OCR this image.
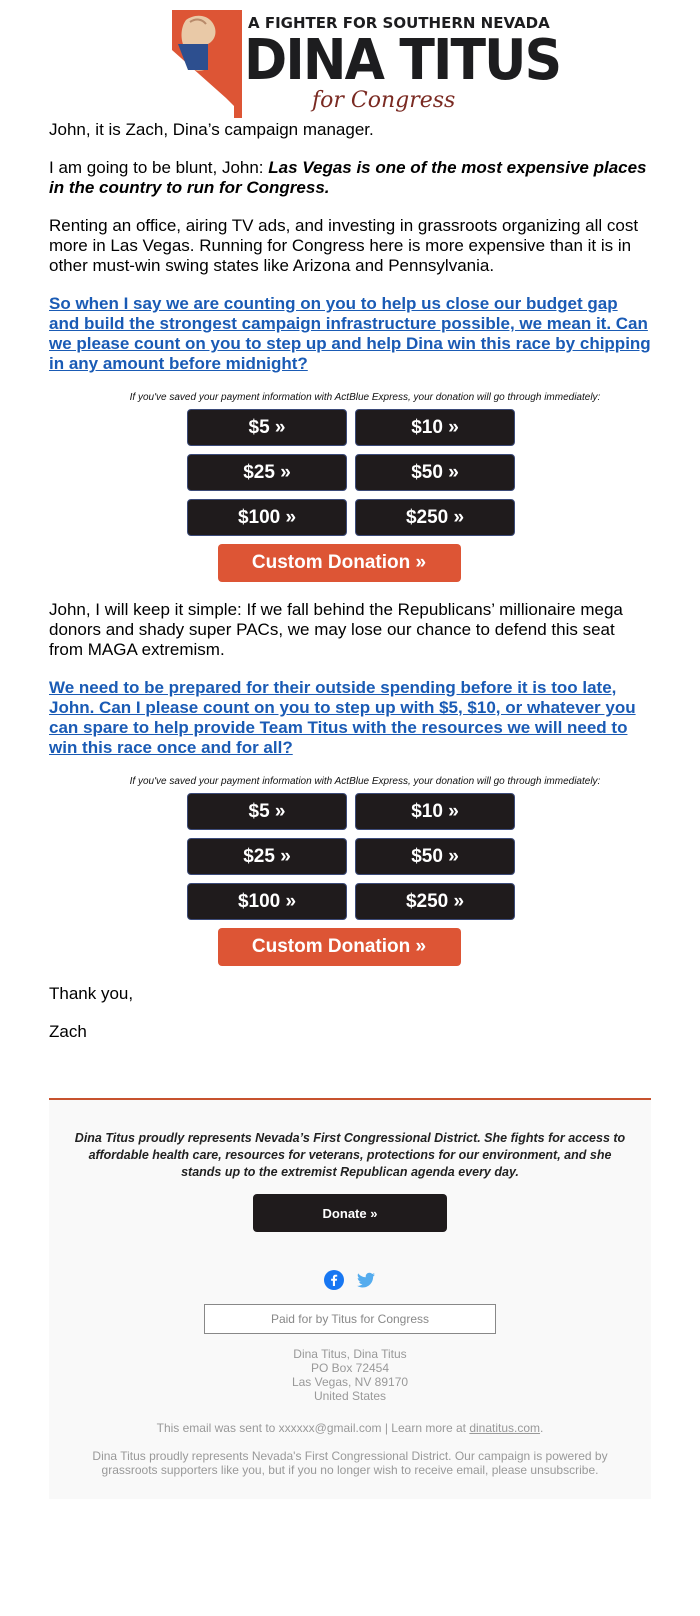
A FIGHTER FOR SOUTHERN NEVADA
DINA TITUS
for Congress

John, it is Zach, Dina’s campaign manager.

I am going to be blunt, John: Las Vegas is one of the most expensive places in the country to run for Congress.

Renting an office, airing TV ads, and investing in grassroots organizing all cost more in Las Vegas. Running for Congress here is more expensive than it is in other must-win swing states like Arizona and Pennsylvania.

So when I say we are counting on you to help us close our budget gap and build the strongest campaign infrastructure possible, we mean it. Can we please count on you to step up and help Dina win this race by chipping in any amount before midnight?

If you've saved your payment information with ActBlue Express, your donation will go through immediately:

$5 »	$10 »
$25 »	$50 »
$100 »	$250 »
Custom Donation »

John, I will keep it simple: If we fall behind the Republicans’ millionaire mega donors and shady super PACs, we may lose our chance to defend this seat from MAGA extremism.

We need to be prepared for their outside spending before it is too late, John. Can I please count on you to step up with $5, $10, or whatever you can spare to help provide Team Titus with the resources we will need to win this race once and for all?

If you've saved your payment information with ActBlue Express, your donation will go through immediately:

$5 »	$10 »
$25 »	$50 »
$100 »	$250 »
Custom Donation »

Thank you,

Zach

Dina Titus proudly represents Nevada’s First Congressional District. She fights for access to affordable health care, resources for veterans, protections for our environment, and she stands up to the extremist Republican agenda every day.

Donate »
Paid for by Titus for Congress
Dina Titus, Dina Titus
PO Box 72454
Las Vegas, NV 89170
United States
This email was sent to xxxxxx@gmail.com | Learn more at dinatitus.com.

Dina Titus proudly represents Nevada's First Congressional District. Our campaign is powered by grassroots supporters like you, but if you no longer wish to receive email, please unsubscribe.
